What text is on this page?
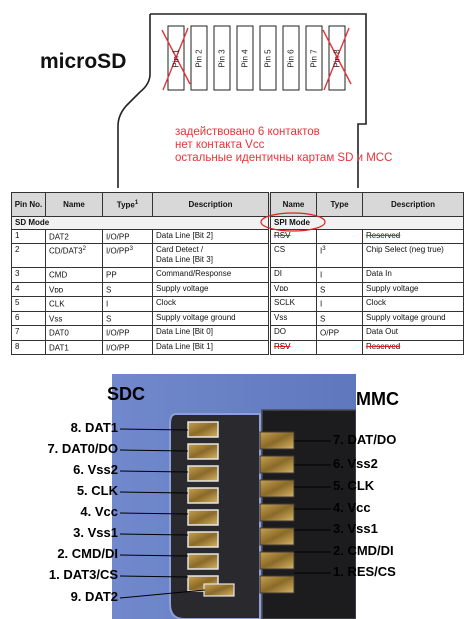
microSD	Pin 1 Pin 2 Pin 3 Pin 4 Pin 5 Pin 6 Pin 7 Pin 8
задействовано 6 контактов
нет контакта Vcc
остальные идентичны картам SD и MCC
Pin No.	Name	Type$^1$	Description	Name	Type	Description
SD Mode				SPI Mode		

1	DAT2	I/O/PP	Data Line [Bit 2]	RSV		Reserved
2	$CD/DAT3^2$	$I/O/PP^3$	Card Detect /
Data Line [Bit 3]	CS	$I^3$	Chip Select (neg true)
3	CMD	PP	Command/Response	DI	I	Data In
4	Vᴅᴅ	S	Supply voltage	Vᴅᴅ	S	Supply voltage
5	CLK	I	Clock	SCLK	I	Clock
6	Vss	S	Supply voltage ground	Vss	S	Supply voltage ground
7	DAT0	I/O/PP	Data Line [Bit 0]	DO	O/PP	Data Out
8	DAT1	I/O/PP	Data Line [Bit 1]	RSV		Reserved
SDC	MMC
8. DAT1
7. DAT0/DO
6. Vss2
5. CLK
4. Vcc
3. Vss1
2. CMD/DI
1. DAT3/CS
9. DAT2
7. DAT/DO
6. Vss2
5. CLK
4. Vcc
3. Vss1
2. CMD/DI
1. RES/CS
